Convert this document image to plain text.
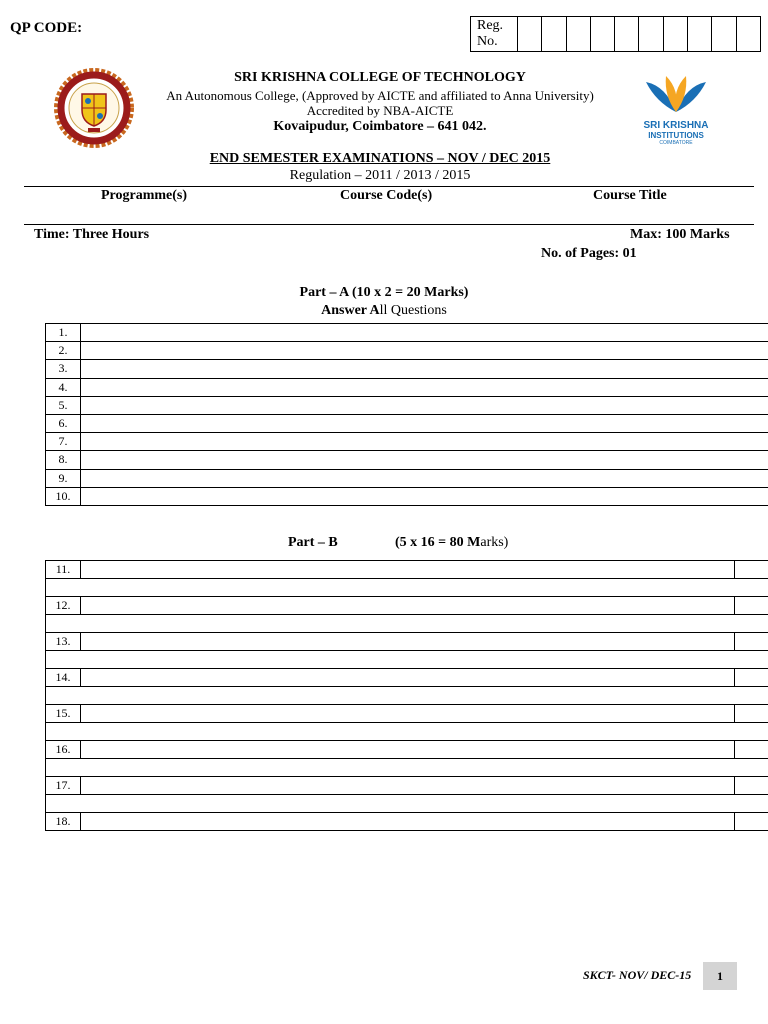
QP CODE:	Reg.
No.

SRI KRISHNA COLLEGE OF TECHNOLOGY
An Autonomous College, (Approved by AICTE and affiliated to Anna University)
Accredited by NBA-AICTE
Kovaipudur, Coimbatore – 641 042.	SRI KRISHNA
INSTITUTIONS
COIMBATORE
END SEMESTER EXAMINATIONS – NOV / DEC 2015
Regulation – 2011 / 2013 / 2015
Programme(s)	Course Code(s)	Course Title
Time: Three Hours	Max: 100 Marks
No. of Pages: 01
Part – A (10 x 2 = 20 Marks)
Answer All Questions
1.	
2.	
3.	
4.	
5.	
6.	
7.	
8.	
9.	
10.	
Part – B	(5 x 16 = 80 Marks)
11.		

12.		

13.		

14.		

15.		

16.		

17.		

18.		
SKCT- NOV/ DEC-15	1
